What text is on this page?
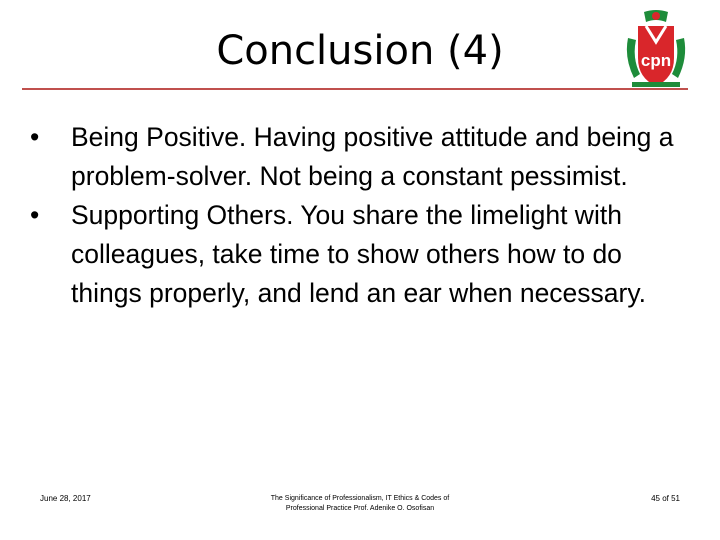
Conclusion (4)	cpn
• Being Positive. Having positive attitude and being a problem-solver. Not being a constant pessimist.
• Supporting Others. You share the limelight with colleagues, take time to show others how to do things properly, and lend an ear when necessary.
June 28, 2017	The Significance of Professionalism, IT Ethics & Codes of
Professional Practice Prof. Adenike O. Osofisan
45 of 51
